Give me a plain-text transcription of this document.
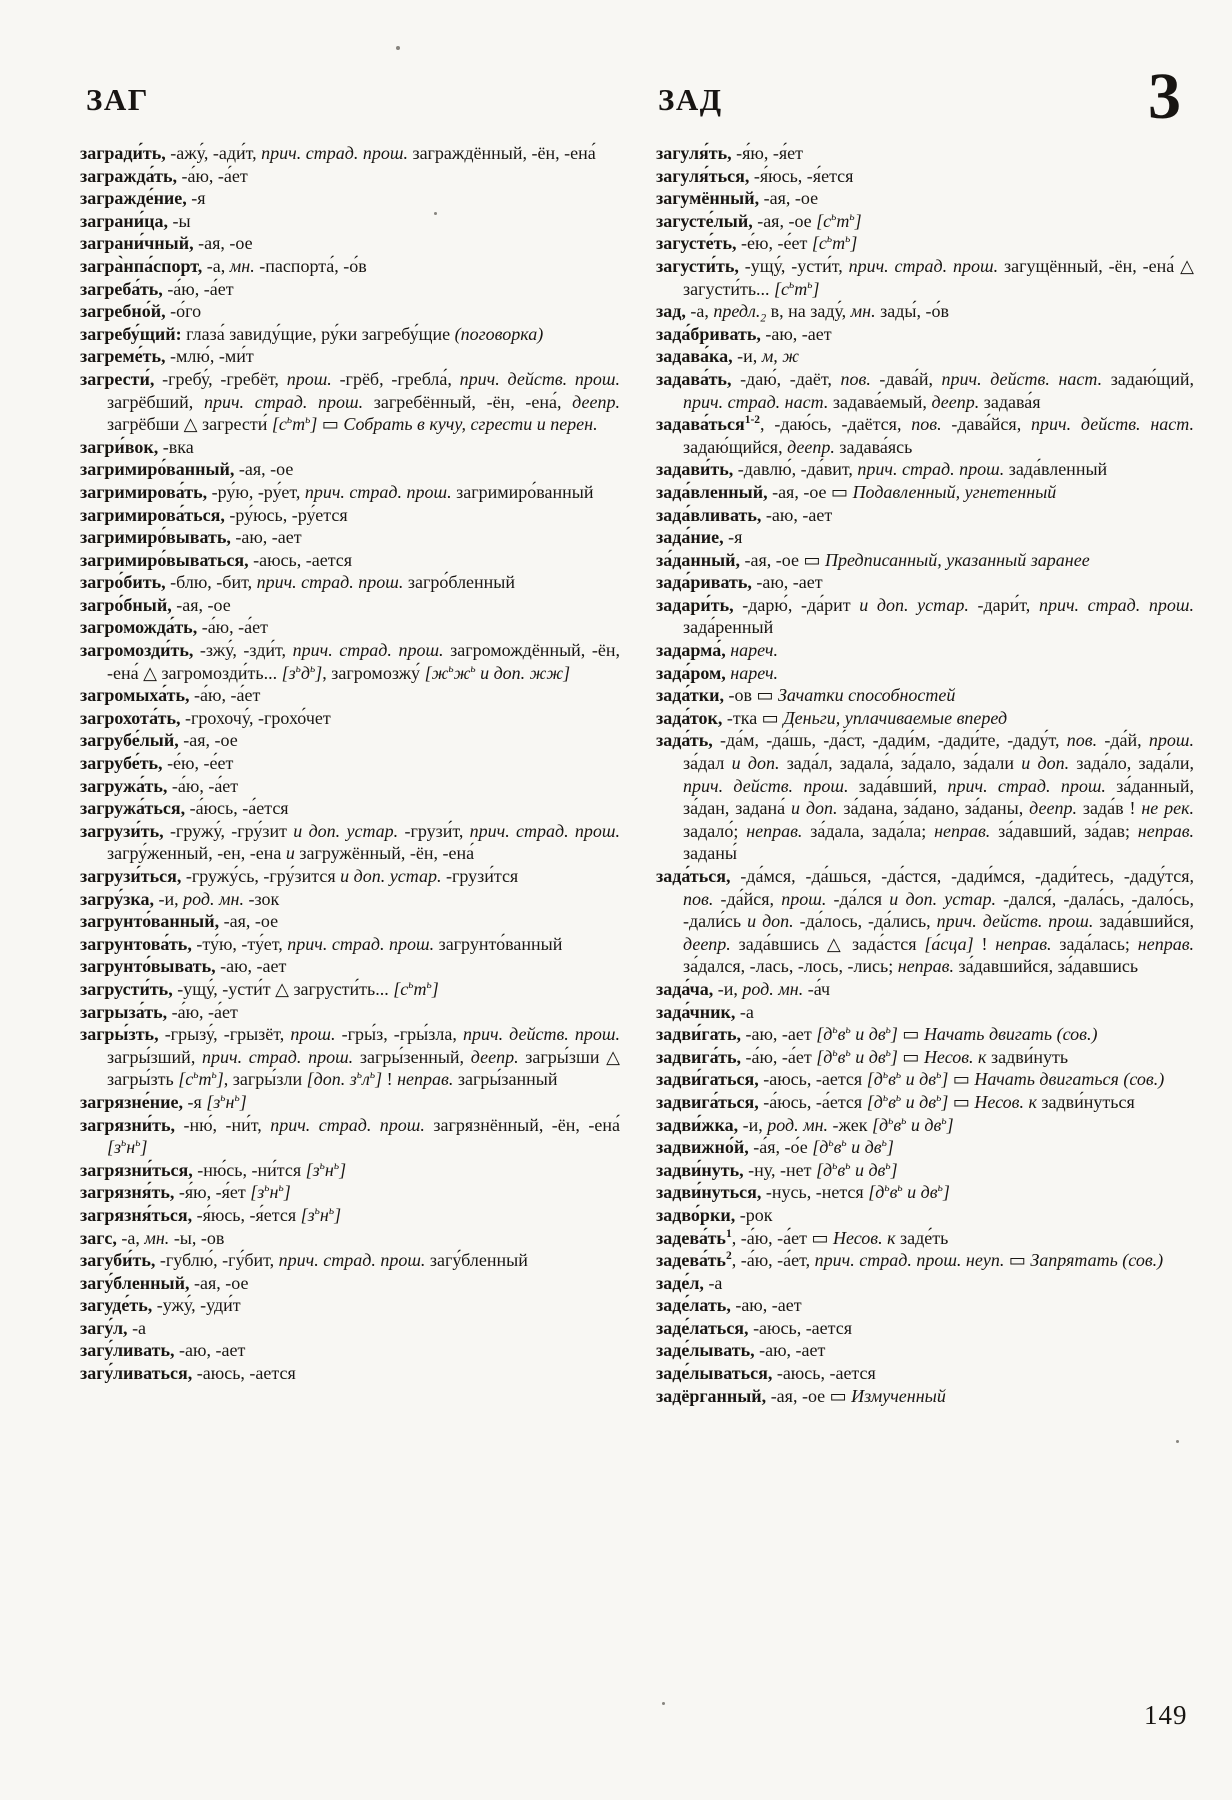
ЗАГ	ЗАД	3

загради́ть, -ажу́, -ади́т, прич. страд. прош. заграждённый, -ён, -ена́

загражда́ть, -а́ю, -а́ет

загражде́ние, -я

заграни́ца, -ы

заграни́чный, -ая, -ое

загра̀нпа́спорт, -а, мн. -паспорта́, -о́в

загреба́ть, -а́ю, -а́ет

загребно́й, -о́го

загребу́щий: глаза́ завиду́щие, ру́ки загребу́щие (поговорка)

загреме́ть, -млю́, -ми́т

загрести́, -гребу́, -гребёт, прош. -грёб, -гребла́, прич. действ. прош. загрёбший, прич. страд. прош. загребённый, -ён, -ена́, деепр. загрёбши △ загрести́ $[с^ьт^ь]$ ▭ Собрать в кучу, сгрести и перен.

загри́вок, -вка

загримиро́ванный, -ая, -ое

загримирова́ть, -ру́ю, -ру́ет, прич. страд. прош. загримиро́ванный

загримирова́ться, -ру́юсь, -ру́ется

загримиро́вывать, -аю, -ает

загримиро́вываться, -аюсь, -ается

загро́бить, -блю, -бит, прич. страд. прош. загро́бленный

загро́бный, -ая, -ое

загроможда́ть, -а́ю, -а́ет

загромозди́ть, -зжу́, -зди́т, прич. страд. прош. загромождённый, -ён, -ена́ △ загромозди́ть... $[з^ьд^ь]$, загромозжу́ [$ж^ьж^ь$ и доп. жж]

загромыха́ть, -а́ю, -а́ет

загрохота́ть, -грохочу́, -грохо́чет

загрубе́лый, -ая, -ое

загрубе́ть, -е́ю, -е́ет

загружа́ть, -а́ю, -а́ет

загружа́ться, -а́юсь, -а́ется

загрузи́ть, -гружу́, -гру́зит и доп. устар. -грузи́т, прич. страд. прош. загру́женный, -ен, -ена и загружённый, -ён, -ена́

загрузи́ться, -гружу́сь, -гру́зится и доп. устар. -грузи́тся

загру́зка, -и, род. мн. -зок

загрунто́ванный, -ая, -ое

загрунтова́ть, -ту́ю, -ту́ет, прич. страд. прош. загрунто́ванный

загрунто́вывать, -аю, -ает

загрусти́ть, -ущу́, -усти́т △ загрусти́ть... $[с^ьт^ь]$

загрыза́ть, -а́ю, -а́ет

загры́зть, -грызу́, -грызёт, прош. -гры́з, -гры́зла, прич. действ. прош. загры́зший, прич. страд. прош. загры́зенный, деепр. загры́зши △ загры́зть $[с^ьт^ь]$, загры́зли [доп. $з^ьл^ь$] ! неправ. загры́занный

загрязне́ние, -я $[з^ьн^ь]$

загрязни́ть, -ню́, -ни́т, прич. страд. прош. загрязнённый, -ён, -ена́ $[з^ьн^ь]$

загрязни́ться, -ню́сь, -ни́тся $[з^ьн^ь]$

загрязня́ть, -я́ю, -я́ет $[з^ьн^ь]$

загрязня́ться, -я́юсь, -я́ется $[з^ьн^ь]$

загс, -а, мн. -ы, -ов

загуби́ть, -гублю́, -гу́бит, прич. страд. прош. загу́бленный

загу́бленный, -ая, -ое

загуде́ть, -ужу́, -уди́т

загу́л, -а

загу́ливать, -аю, -ает

загу́ливаться, -аюсь, -ается

загуля́ть, -я́ю, -я́ет

загуля́ться, -я́юсь, -я́ется

загумённый, -ая, -ое

загусте́лый, -ая, -ое $[с^ьт^ь]$

загусте́ть, -е́ю, -е́ет $[с^ьт^ь]$

загусти́ть, -ущу́, -усти́т, прич. страд. прош. загущённый, -ён, -ена́ △ загусти́ть... $[с^ьт^ь]$

зад, -а, $предл._2$ в, на заду́, мн. зады́, -о́в

зада́бривать, -аю, -ает

задава́ка, -и, м, ж

задава́ть, -даю́, -даёт, пов. -дава́й, прич. действ. наст. задаю́щий, прич. страд. наст. задава́емый, деепр. задава́я

задава́ться$^{1-2}$, -даю́сь, -даётся, пов. -дава́йся, прич. действ. наст. задаю́щийся, деепр. задава́ясь

задави́ть, -давлю́, -да́вит, прич. страд. прош. зада́вленный

зада́вленный, -ая, -ое ▭ Подавленный, угнетенный

зада́вливать, -аю, -ает

зада́ние, -я

за́данный, -ая, -ое ▭ Предписанный, указанный заранее

зада́ривать, -аю, -ает

задари́ть, -дарю́, -да́рит и доп. устар. -дари́т, прич. страд. прош. зада́ренный

задарма́, нареч.

зада́ром, нареч.

зада́тки, -ов ▭ Зачатки способностей

зада́ток, -тка ▭ Деньги, уплачиваемые вперед

зада́ть, -да́м, -да́шь, -да́ст, -дади́м, -дади́те, -даду́т, пов. -да́й, прош. за́дал и доп. зада́л, задала́, за́дало, за́дали и доп. зада́ло, зада́ли, прич. действ. прош. зада́вший, прич. страд. прош. за́данный, за́дан, задана́ и доп. за́дана, за́дано, за́даны, деепр. зада́в ! не рек. задало́; неправ. за́дала, зада́ла; неправ. за́давший, за́дав; неправ. заданы́

зада́ться, -да́мся, -да́шься, -да́стся, -дади́мся, -дади́тесь, -даду́тся, пов. -да́йся, прош. -да́лся и доп. устар. -дался́, -дала́сь, -дало́сь, -дали́сь и доп. -да́лось, -да́лись, прич. действ. прош. зада́вшийся, деепр. зада́вшись △ зада́стся [а́сца] ! неправ. зада́лась; неправ. за́дался, -лась, -лось, -лись; неправ. за́давшийся, за́давшись

зада́ча, -и, род. мн. -а́ч

зада́чник, -а

задви́гать, -аю, -ает [$д^ьв^ь$ и $дв^ь$] ▭ Начать двигать (сов.)

задвига́ть, -а́ю, -а́ет [$д^ьв^ь$ и $дв^ь$] ▭ Несов. к задви́нуть

задви́гаться, -аюсь, -ается [$д^ьв^ь$ и $дв^ь$] ▭ Начать двигаться (сов.)

задвига́ться, -а́юсь, -а́ется [$д^ьв^ь$ и $дв^ь$] ▭ Несов. к задви́нуться

задви́жка, -и, род. мн. -жек [$д^ьв^ь$ и $дв^ь$]

задвижно́й, -а́я, -о́е [$д^ьв^ь$ и $дв^ь$]

задви́нуть, -ну, -нет [$д^ьв^ь$ и $дв^ь$]

задви́нуться, -нусь, -нется [$д^ьв^ь$ и $дв^ь$]

задво́рки, -рок

$задева́ть^1$, -а́ю, -а́ет ▭ Несов. к заде́ть

$задева́ть^2$, -а́ю, -а́ет, прич. страд. прош. неуп. ▭ Запрятать (сов.)

заде́л, -а

заде́лать, -аю, -ает

заде́латься, -аюсь, -ается

заде́лывать, -аю, -ает

заде́лываться, -аюсь, -ается

задёрганный, -ая, -ое ▭ Измученный

149
